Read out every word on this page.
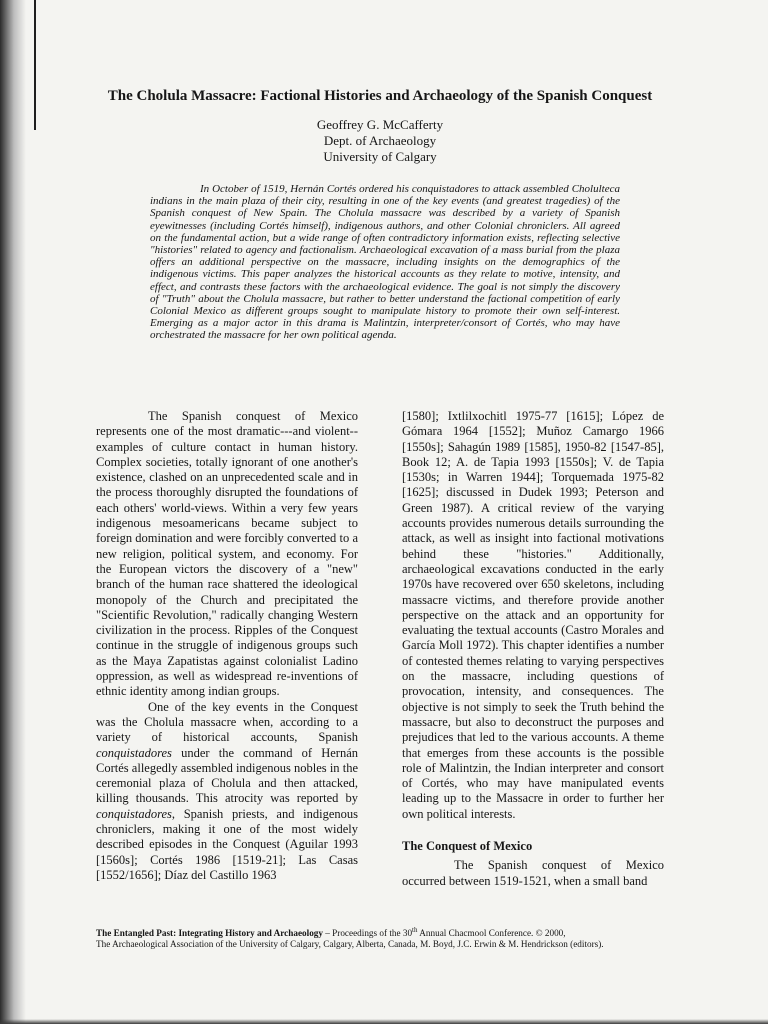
The Cholula Massacre: Factional Histories and Archaeology of the Spanish Conquest
Geoffrey G. McCafferty
Dept. of Archaeology
University of Calgary

In October of 1519, Hernán Cortés ordered his conquistadores to attack assembled Cholulteca indians in the main plaza of their city, resulting in one of the key events (and greatest tragedies) of the Spanish conquest of New Spain. The Cholula massacre was described by a variety of Spanish eyewitnesses (including Cortés himself), indigenous authors, and other Colonial chroniclers. All agreed on the fundamental action, but a wide range of often contradictory information exists, reflecting selective "histories" related to agency and factionalism. Archaeological excavation of a mass burial from the plaza offers an additional perspective on the massacre, including insights on the demographics of the indigenous victims. This paper analyzes the historical accounts as they relate to motive, intensity, and effect, and contrasts these factors with the archaeological evidence. The goal is not simply the discovery of "Truth" about the Cholula massacre, but rather to better understand the factional competition of early Colonial Mexico as different groups sought to manipulate history to promote their own self-interest. Emerging as a major actor in this drama is Malintzin, interpreter/consort of Cortés, who may have orchestrated the massacre for her own political agenda.

The Spanish conquest of Mexico represents one of the most dramatic---and violent--examples of culture contact in human history. Complex societies, totally ignorant of one another's existence, clashed on an unprecedented scale and in the process thoroughly disrupted the foundations of each others' world-views. Within a very few years indigenous mesoamericans became subject to foreign domination and were forcibly converted to a new religion, political system, and economy. For the European victors the discovery of a "new" branch of the human race shattered the ideological monopoly of the Church and precipitated the "Scientific Revolution," radically changing Western civilization in the process. Ripples of the Conquest continue in the struggle of indigenous groups such as the Maya Zapatistas against colonialist Ladino oppression, as well as widespread re-inventions of ethnic identity among indian groups.

One of the key events in the Conquest was the Cholula massacre when, according to a variety of historical accounts, Spanish conquistadores under the command of Hernán Cortés allegedly assembled indigenous nobles in the ceremonial plaza of Cholula and then attacked, killing thousands. This atrocity was reported by conquistadores, Spanish priests, and indigenous chroniclers, making it one of the most widely described episodes in the Conquest (Aguilar 1993 [1560s]; Cortés 1986 [1519-21]; Las Casas [1552/1656]; Díaz del Castillo 1963

[1580]; Ixtlilxochitl 1975-77 [1615]; López de Gómara 1964 [1552]; Muñoz Camargo 1966 [1550s]; Sahagún 1989 [1585], 1950-82 [1547-85], Book 12; A. de Tapia 1993 [1550s]; V. de Tapia [1530s; in Warren 1944]; Torquemada 1975-82 [1625]; discussed in Dudek 1993; Peterson and Green 1987). A critical review of the varying accounts provides numerous details surrounding the attack, as well as insight into factional motivations behind these "histories." Additionally, archaeological excavations conducted in the early 1970s have recovered over 650 skeletons, including massacre victims, and therefore provide another perspective on the attack and an opportunity for evaluating the textual accounts (Castro Morales and García Moll 1972). This chapter identifies a number of contested themes relating to varying perspectives on the massacre, including questions of provocation, intensity, and consequences. The objective is not simply to seek the Truth behind the massacre, but also to deconstruct the purposes and prejudices that led to the various accounts. A theme that emerges from these accounts is the possible role of Malintzin, the Indian interpreter and consort of Cortés, who may have manipulated events leading up to the Massacre in order to further her own political interests.

The Conquest of Mexico

The Spanish conquest of Mexico occurred between 1519-1521, when a small band

The Entangled Past: Integrating History and Archaeology – Proceedings of the 30th Annual Chacmool Conference. © 2000,
The Archaeological Association of the University of Calgary, Calgary, Alberta, Canada, M. Boyd, J.C. Erwin & M. Hendrickson (editors).
